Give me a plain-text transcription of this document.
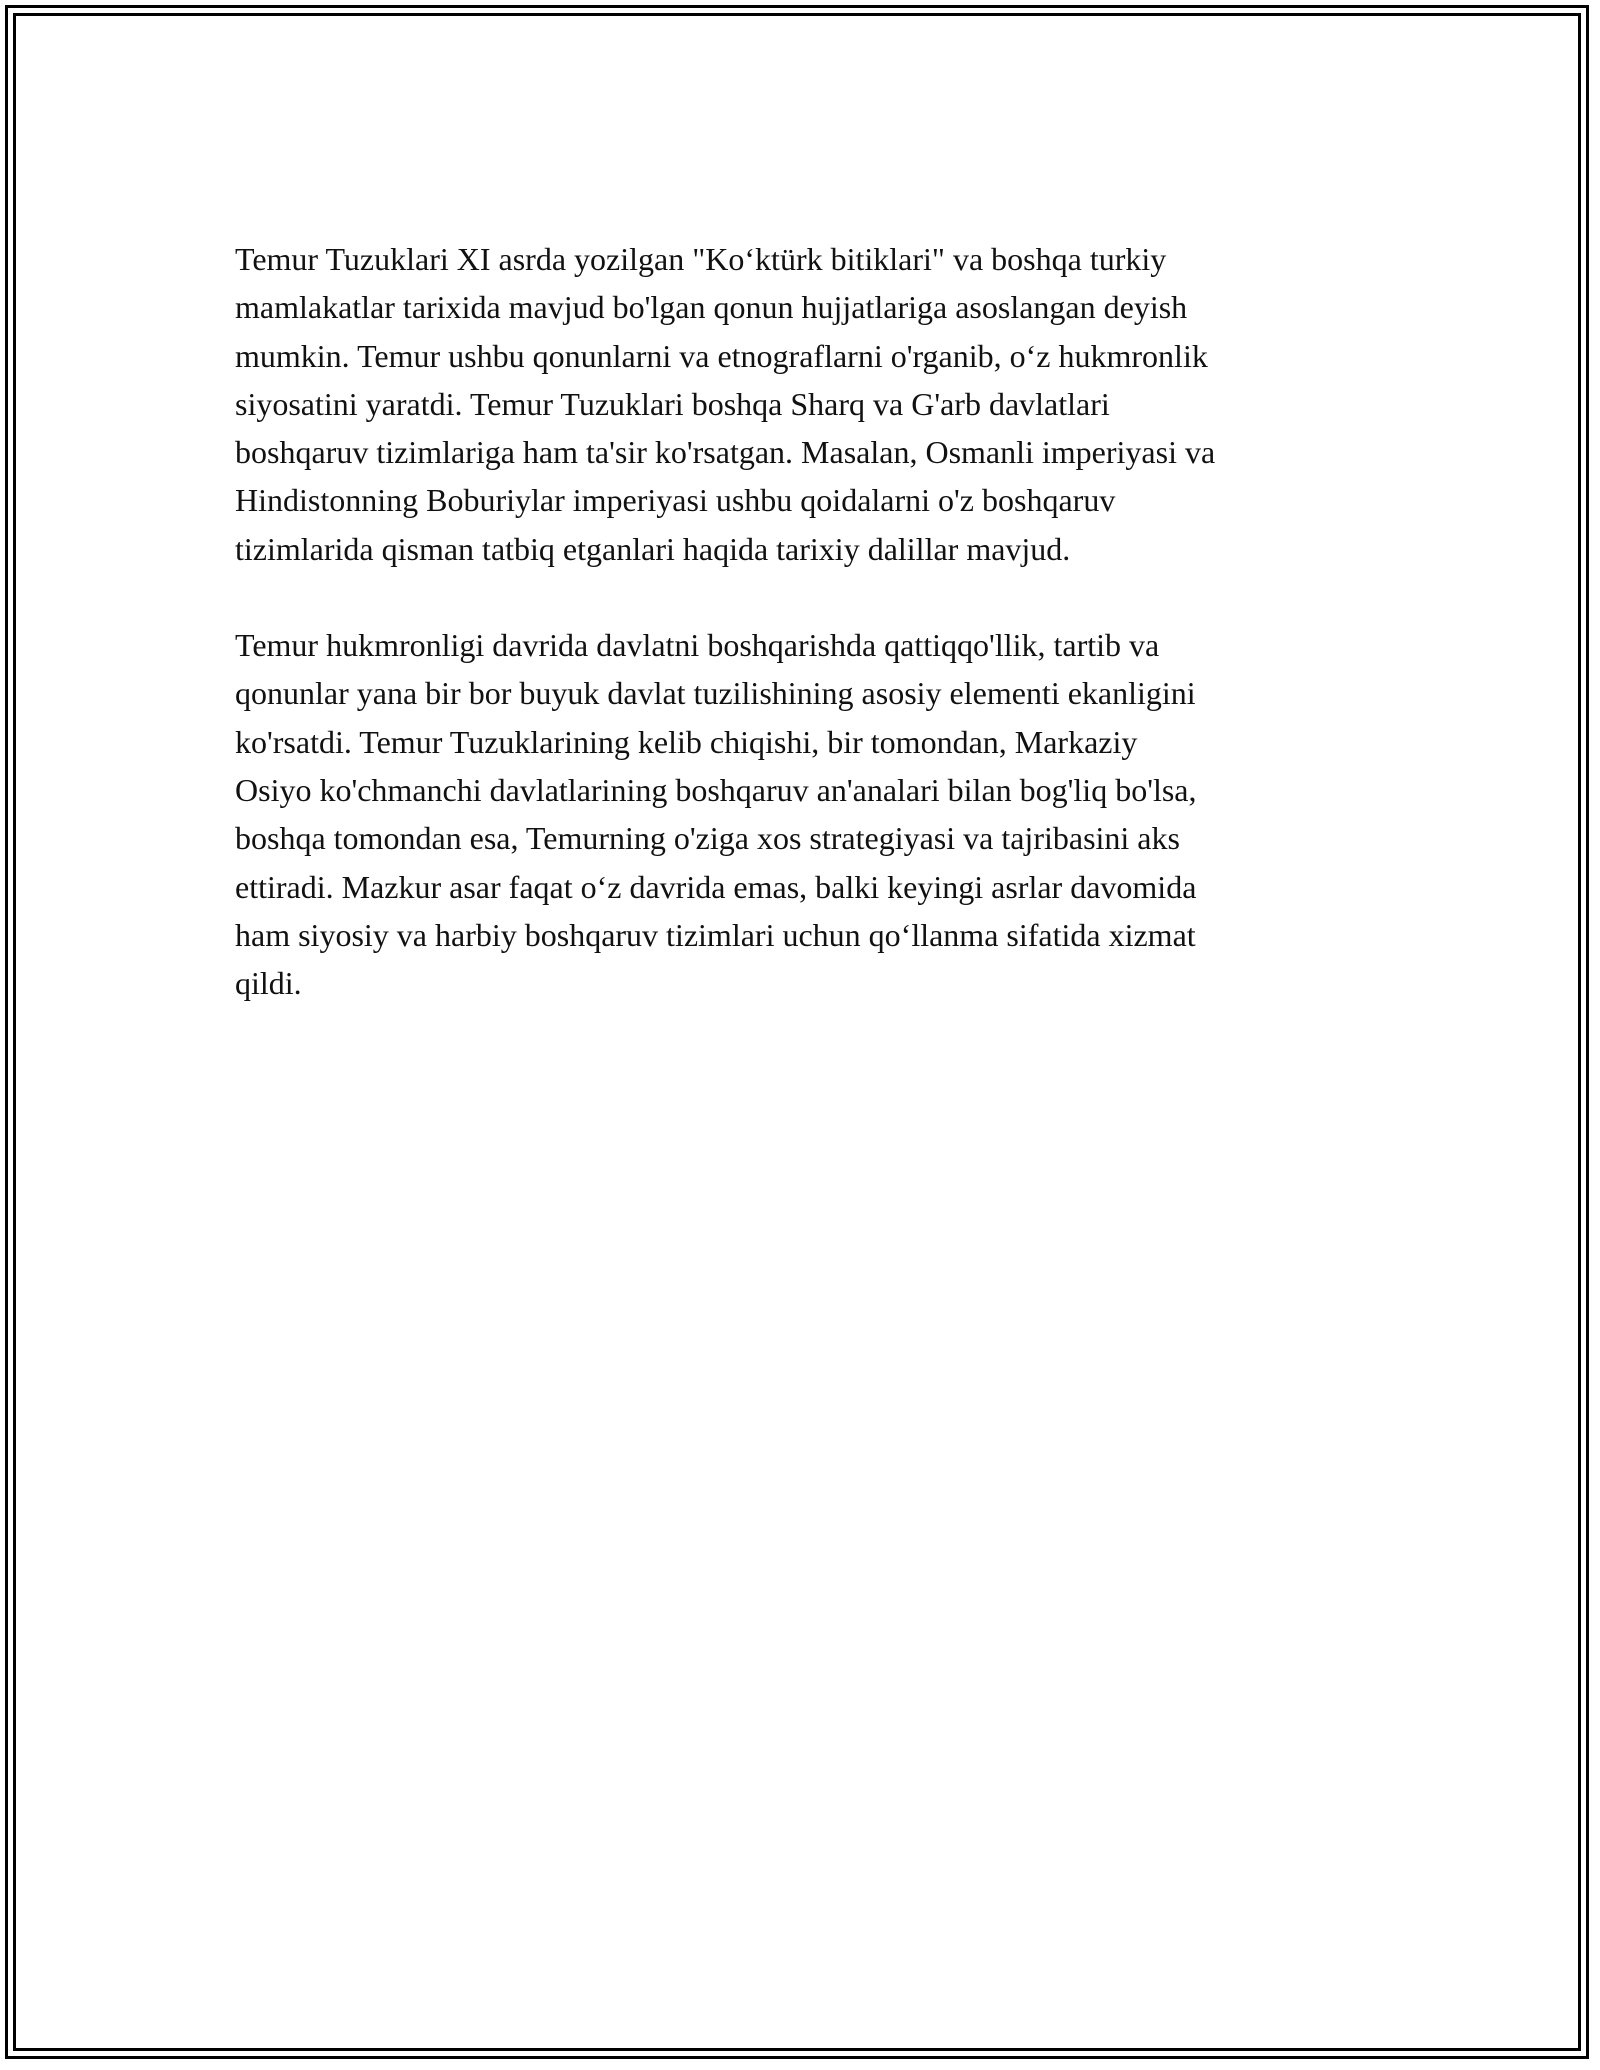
Temur Tuzuklari XI asrda yozilgan "Ko‘ktürk bitiklari" va boshqa turkiy
mamlakatlar tarixida mavjud bo'lgan qonun hujjatlariga asoslangan deyish
mumkin. Temur ushbu qonunlarni va etnograflarni o'rganib, o‘z hukmronlik
siyosatini yaratdi. Temur Tuzuklari boshqa Sharq va G'arb davlatlari
boshqaruv tizimlariga ham ta'sir ko'rsatgan. Masalan, Osmanli imperiyasi va
Hindistonning Boburiylar imperiyasi ushbu qoidalarni o'z boshqaruv
tizimlarida qisman tatbiq etganlari haqida tarixiy dalillar mavjud.

Temur hukmronligi davrida davlatni boshqarishda qattiqqo'llik, tartib va
qonunlar yana bir bor buyuk davlat tuzilishining asosiy elementi ekanligini
ko'rsatdi. Temur Tuzuklarining kelib chiqishi, bir tomondan, Markaziy
Osiyo ko'chmanchi davlatlarining boshqaruv an'analari bilan bog'liq bo'lsa,
boshqa tomondan esa, Temurning o'ziga xos strategiyasi va tajribasini aks
ettiradi. Mazkur asar faqat o‘z davrida emas, balki keyingi asrlar davomida
ham siyosiy va harbiy boshqaruv tizimlari uchun qo‘llanma sifatida xizmat
qildi.
